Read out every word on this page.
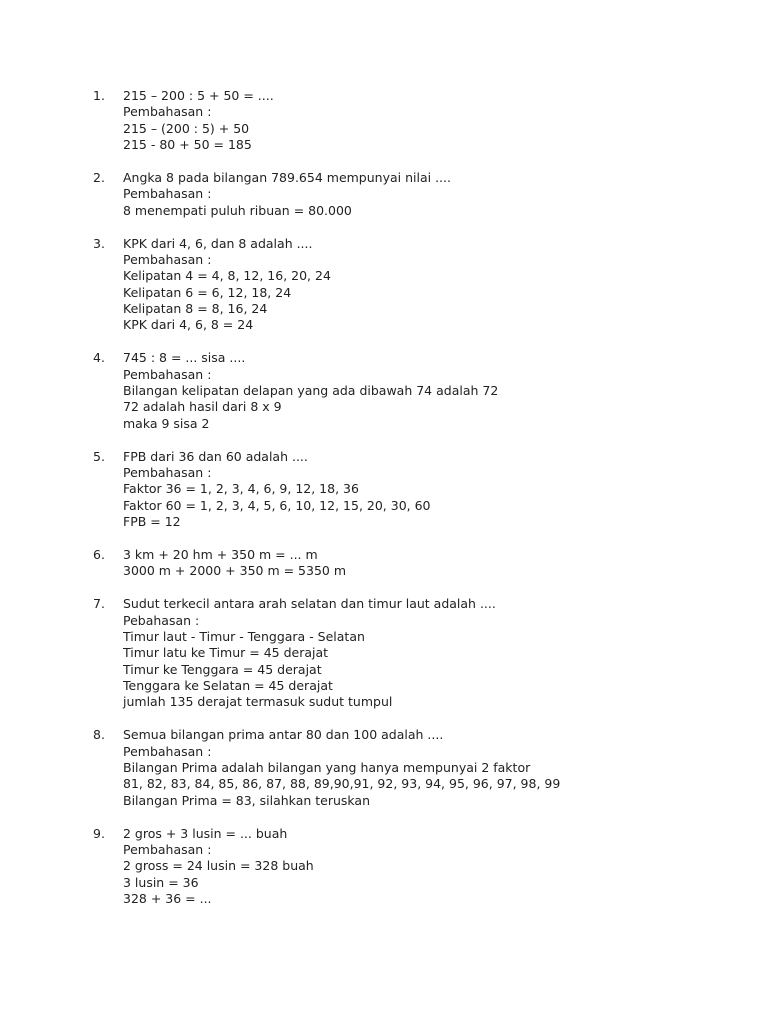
1. 215 – 200 : 5 + 50 = ....
Pembahasan :
215 – (200 : 5) + 50
215 - 80 + 50 = 185
2. Angka 8 pada bilangan 789.654 mempunyai nilai ....
Pembahasan :
8 menempati puluh ribuan = 80.000
3. KPK dari 4, 6, dan 8 adalah ....
Pembahasan :
Kelipatan 4 = 4, 8, 12, 16, 20, 24
Kelipatan 6 = 6, 12, 18, 24
Kelipatan 8 = 8, 16, 24
KPK dari 4, 6, 8 = 24
4. 745 : 8 = ... sisa ....
Pembahasan :
Bilangan kelipatan delapan yang ada dibawah 74 adalah 72
72 adalah hasil dari 8 x 9
maka 9 sisa 2
5. FPB dari 36 dan 60 adalah ....
Pembahasan :
Faktor 36 = 1, 2, 3, 4, 6, 9, 12, 18, 36
Faktor 60 = 1, 2, 3, 4, 5, 6, 10, 12, 15, 20, 30, 60
FPB = 12
6. 3 km + 20 hm + 350 m = ... m
3000 m + 2000 + 350 m = 5350 m
7. Sudut terkecil antara arah selatan dan timur laut adalah ....
Pebahasan :
Timur laut - Timur - Tenggara - Selatan
Timur latu ke Timur = 45 derajat
Timur ke Tenggara = 45 derajat
Tenggara ke Selatan = 45 derajat
jumlah 135 derajat termasuk sudut tumpul
8. Semua bilangan prima antar 80 dan 100 adalah ....
Pembahasan :
Bilangan Prima adalah bilangan yang hanya mempunyai 2 faktor
81, 82, 83, 84, 85, 86, 87, 88, 89,90,91, 92, 93, 94, 95, 96, 97, 98, 99
Bilangan Prima = 83, silahkan teruskan
9. 2 gros + 3 lusin = ... buah
Pembahasan :
2 gross = 24 lusin = 328 buah
3 lusin = 36
328 + 36 = ...
